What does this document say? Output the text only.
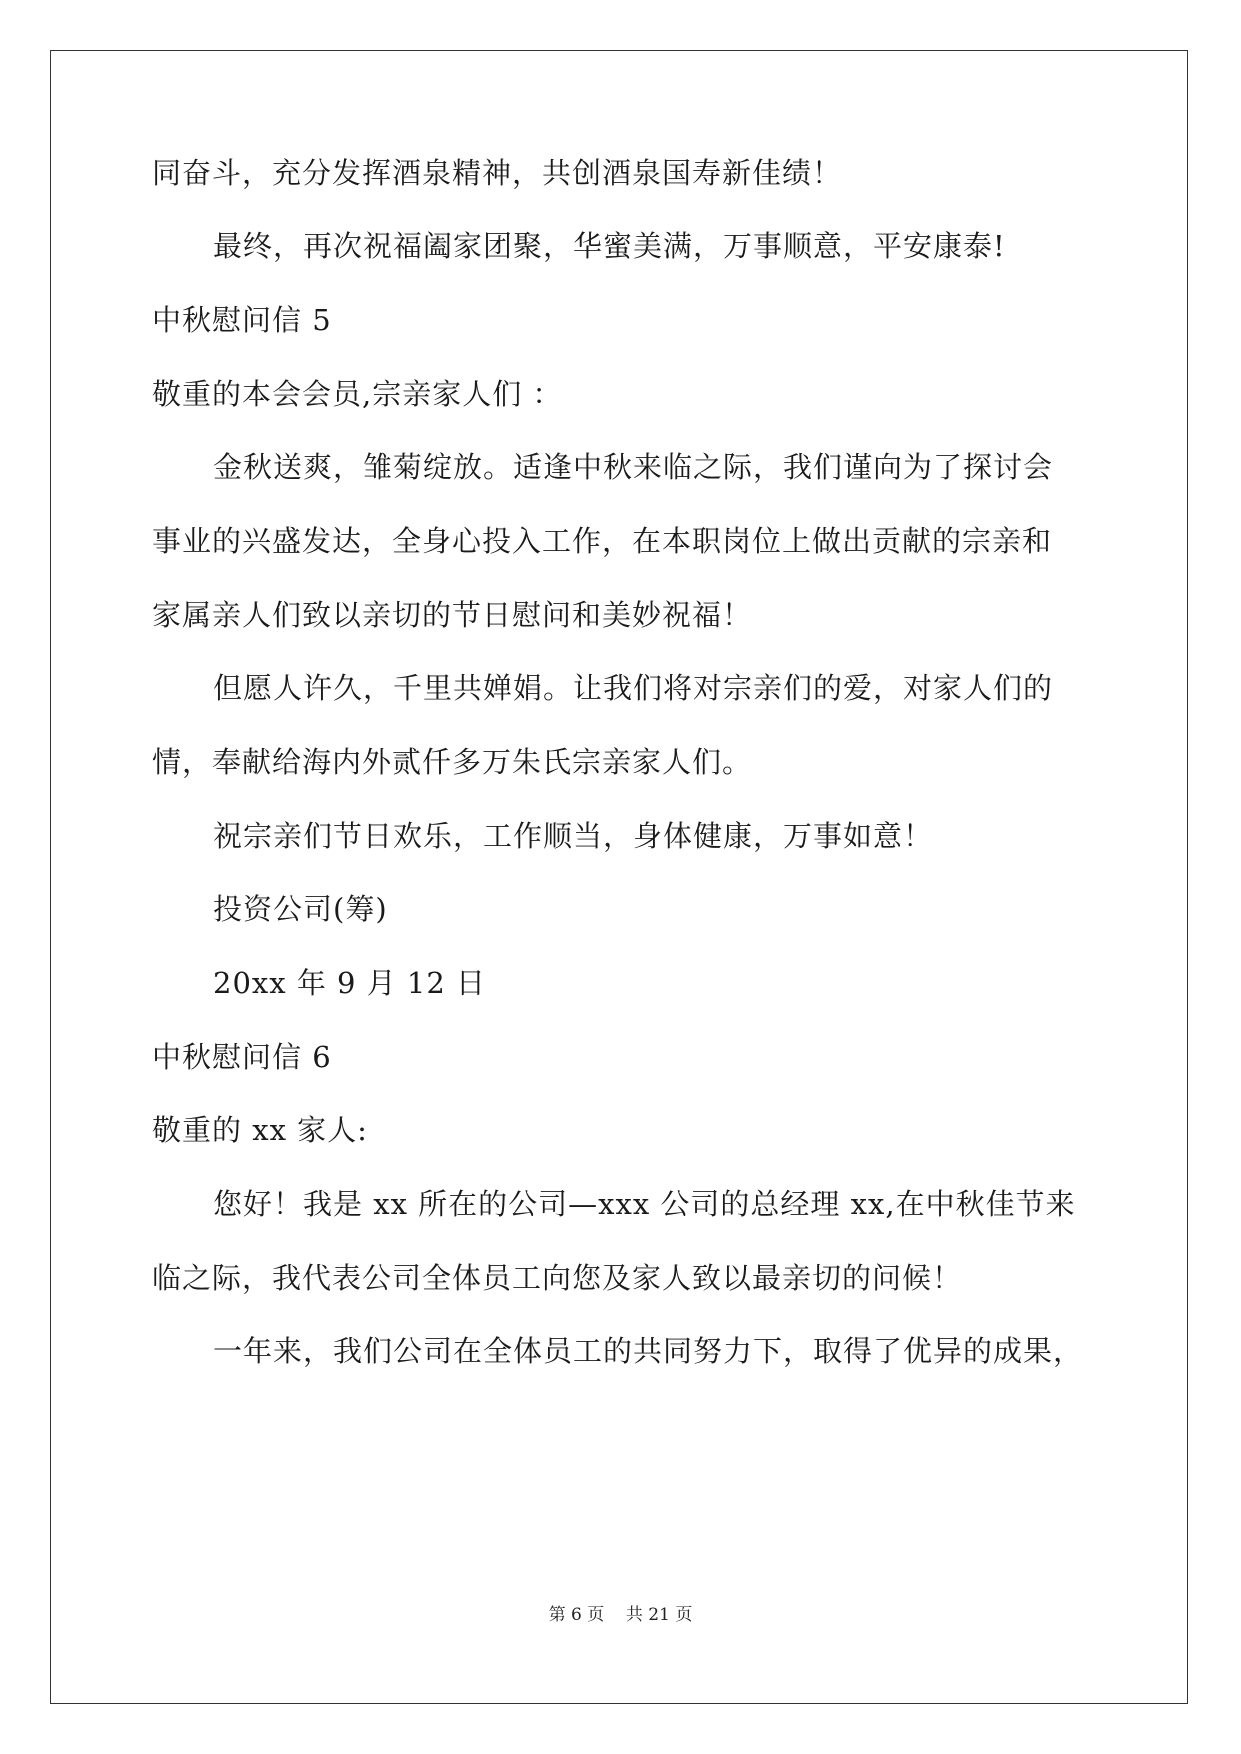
同奋斗，充分发挥酒泉精神，共创酒泉国寿新佳绩！
最终，再次祝福阖家团聚，华蜜美满，万事顺意，平安康泰!
中秋慰问信 5
敬重的本会会员,宗亲家人们 ：
金秋送爽，雏菊绽放。适逢中秋来临之际，我们谨向为了探讨会
事业的兴盛发达，全身心投入工作，在本职岗位上做出贡献的宗亲和
家属亲人们致以亲切的节日慰问和美妙祝福！
但愿人许久，千里共婵娟。让我们将对宗亲们的爱，对家人们的
情，奉献给海内外贰仟多万朱氏宗亲家人们。
祝宗亲们节日欢乐，工作顺当，身体健康，万事如意！
投资公司(筹)
20xx 年 9 月 12 日
中秋慰问信 6
敬重的 xx 家人:
您好！我是 xx 所在的公司—xxx 公司的总经理 xx,在中秋佳节来
临之际，我代表公司全体员工向您及家人致以最亲切的问候！
一年来，我们公司在全体员工的共同努力下，取得了优异的成果，
第 6 页 共 21 页
